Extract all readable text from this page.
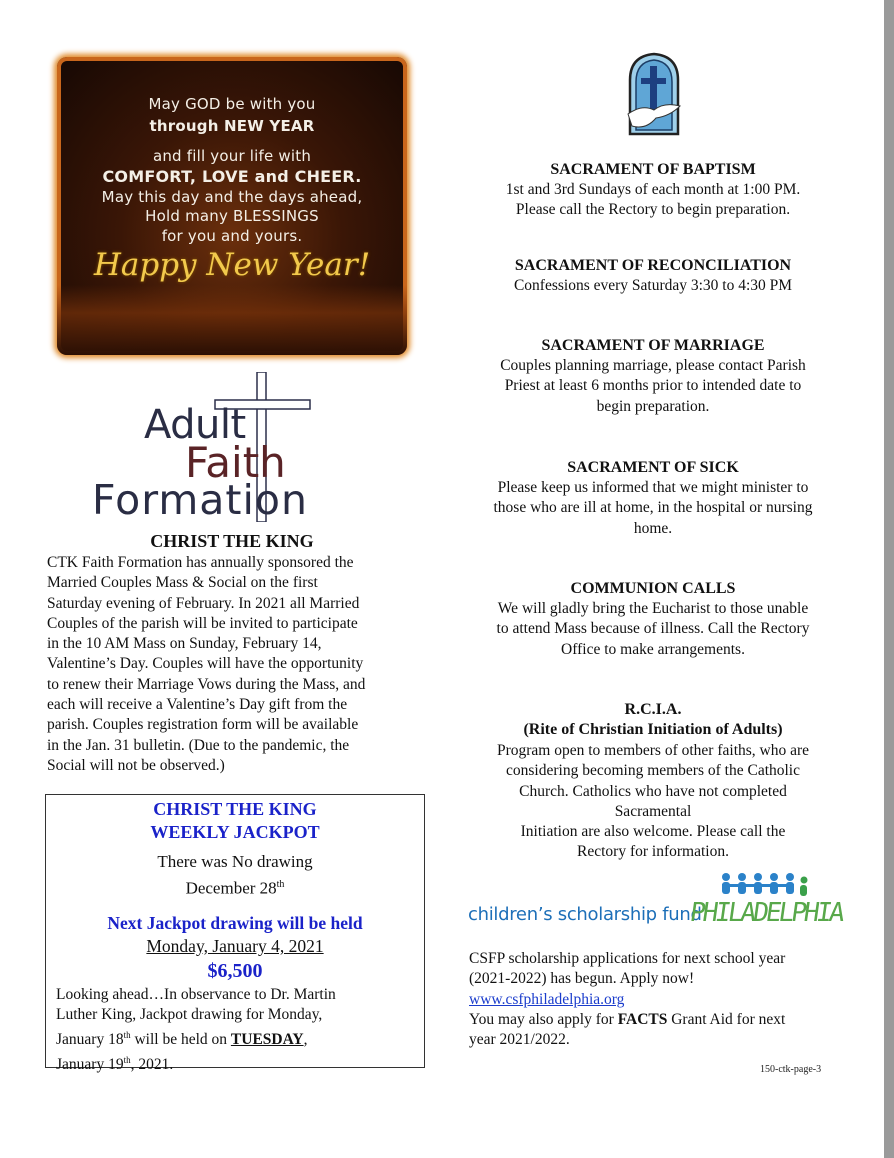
May GOD be with you
through NEW YEAR
and fill your life with
COMFORT, LOVE and CHEER.
May this day and the days ahead,
Hold many BLESSINGS
for you and yours.
Happy New Year!
Adult
Faith
Formation
CHRIST THE KING
CTK Faith Formation has annually sponsored the
Married Couples Mass & Social on the first
Saturday evening of February. In 2021 all Married
Couples of the parish will be invited to participate
in the 10 AM Mass on Sunday, February 14,
Valentine’s Day. Couples will have the opportunity
to renew their Marriage Vows during the Mass, and
each will receive a Valentine’s Day gift from the
parish. Couples registration form will be available
in the Jan. 31 bulletin. (Due to the pandemic, the
Social will not be observed.)
CHRIST THE KING
WEEKLY JACKPOT
There was No drawing
December 28th
Next Jackpot drawing will be held
Monday, January 4, 2021
$6,500
Looking ahead…In observance to Dr. Martin
Luther King, Jackpot drawing for Monday,
January 18th will be held on TUESDAY,
January 19th, 2021.
SACRAMENT OF BAPTISM
1st and 3rd Sundays of each month at 1:00 PM.
Please call the Rectory to begin preparation.
SACRAMENT OF RECONCILIATION
Confessions every Saturday 3:30 to 4:30 PM
SACRAMENT OF MARRIAGE
Couples planning marriage, please contact Parish
Priest at least 6 months prior to intended date to
begin preparation.
SACRAMENT OF SICK
Please keep us informed that we might minister to
those who are ill at home, in the hospital or nursing
home.
COMMUNION CALLS
We will gladly bring the Eucharist to those unable
to attend Mass because of illness. Call the Rectory
Office to make arrangements.
R.C.I.A.
(Rite of Christian Initiation of Adults)
Program open to members of other faiths, who are
considering becoming members of the Catholic
Church. Catholics who have not completed
Sacramental
Initiation are also welcome. Please call the
Rectory for information.
children’s scholarship fund
PHILADELPHIA
CSFP scholarship applications for next school year
(2021-2022) has begun. Apply now!
www.csfphiladelphia.org
You may also apply for FACTS Grant Aid for next
year 2021/2022.
150-ctk-page-3
